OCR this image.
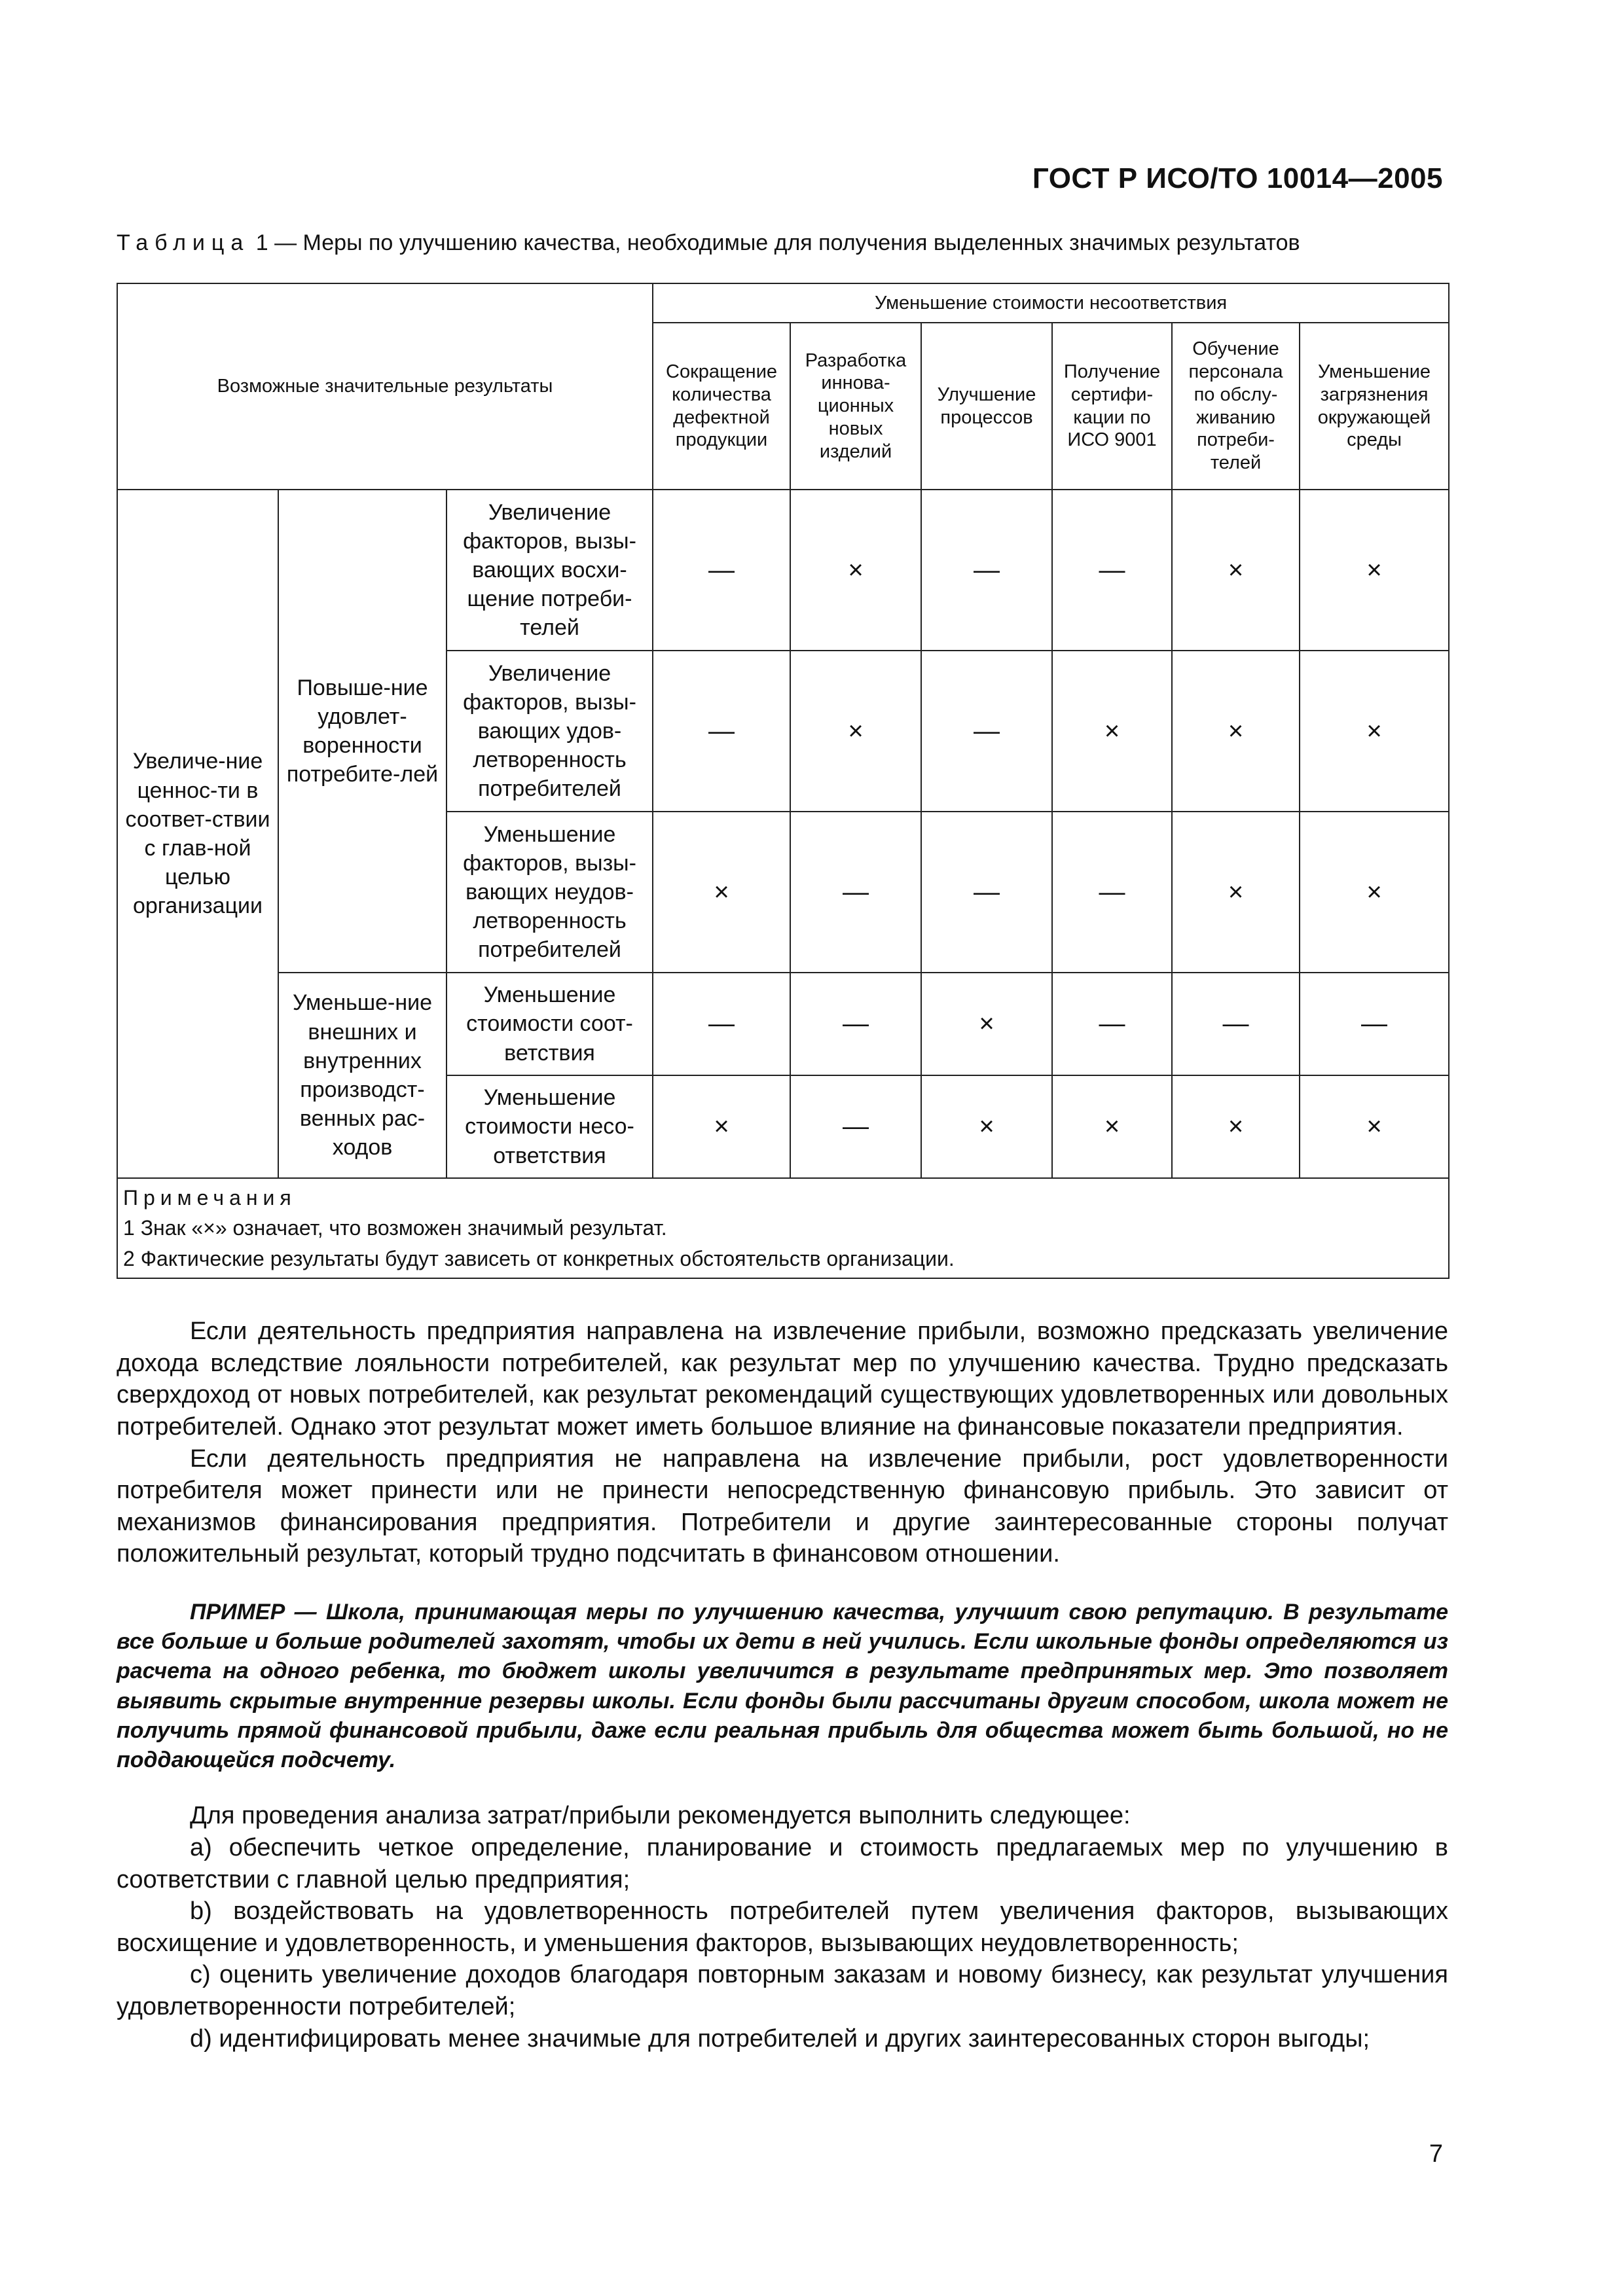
ГОСТ Р ИСО/ТО 10014—2005
Таблица 1 — Меры по улучшению качества, необходимые для получения выделенных значимых результатов
Возможные значительные результаты			Уменьшение стоимости несоответствия					
			Сокращение количества дефектной продукции	Разработка иннова-ционных новых изделий	Улучшение процессов	Получение сертифи-кации по ИСО 9001	Обучение персонала по обслу-живанию потреби-телей	Уменьшение загрязнения окружающей среды
Увеличе-ние ценнос-ти в соответ-ствии с глав-ной целью организации	Повыше-ние удовлет-воренности потребите-лей	Увеличение факторов, вызы-вающих восхи-щение потреби-телей	—	×	—	—	×	×
		Увеличение факторов, вызы-вающих удов-летворенность потребителей	—	×	—	×	×	×
		Уменьшение факторов, вызы-вающих неудов-летворенность потребителей	×	—	—	—	×	×
	Уменьше-ние внешних и внутренних производст-венных рас-ходов	Уменьшение стоимости соот-ветствия	—	—	×	—	—	—
		Уменьшение стоимости несо-ответствия	×	—	×	×	×	×

Примечания
1 Знак «×» означает, что возможен значимый результат.
2 Фактические результаты будут зависеть от конкретных обстоятельств организации.								

Если деятельность предприятия направлена на извлечение прибыли, возможно предсказать увеличение дохода вследствие лояльности потребителей, как результат мер по улучшению качества. Трудно предсказать сверхдоход от новых потребителей, как результат рекомендаций существующих удовлетворенных или довольных потребителей. Однако этот результат может иметь большое влияние на финансовые показатели предприятия.

Если деятельность предприятия не направлена на извлечение прибыли, рост удовлетворенности потребителя может принести или не принести непосредственную финансовую прибыль. Это зависит от механизмов финансирования предприятия. Потребители и другие заинтересованные стороны получат положительный результат, который трудно подсчитать в финансовом отношении.

ПРИМЕР — Школа, принимающая меры по улучшению качества, улучшит свою репутацию. В результате все больше и больше родителей захотят, чтобы их дети в ней учились. Если школьные фонды определяются из расчета на одного ребенка, то бюджет школы увеличится в результате предпринятых мер. Это позволяет выявить скрытые внутренние резервы школы. Если фонды были рассчитаны другим способом, школа может не получить прямой финансовой прибыли, даже если реальная прибыль для общества может быть большой, но не поддающейся подсчету.

Для проведения анализа затрат/прибыли рекомендуется выполнить следующее:

a) обеспечить четкое определение, планирование и стоимость предлагаемых мер по улучшению в соответствии с главной целью предприятия;

b) воздействовать на удовлетворенность потребителей путем увеличения факторов, вызывающих восхищение и удовлетворенность, и уменьшения факторов, вызывающих неудовлетворенность;

c) оценить увеличение доходов благодаря повторным заказам и новому бизнесу, как результат улучшения удовлетворенности потребителей;

d) идентифицировать менее значимые для потребителей и других заинтересованных сторон выгоды;

7
